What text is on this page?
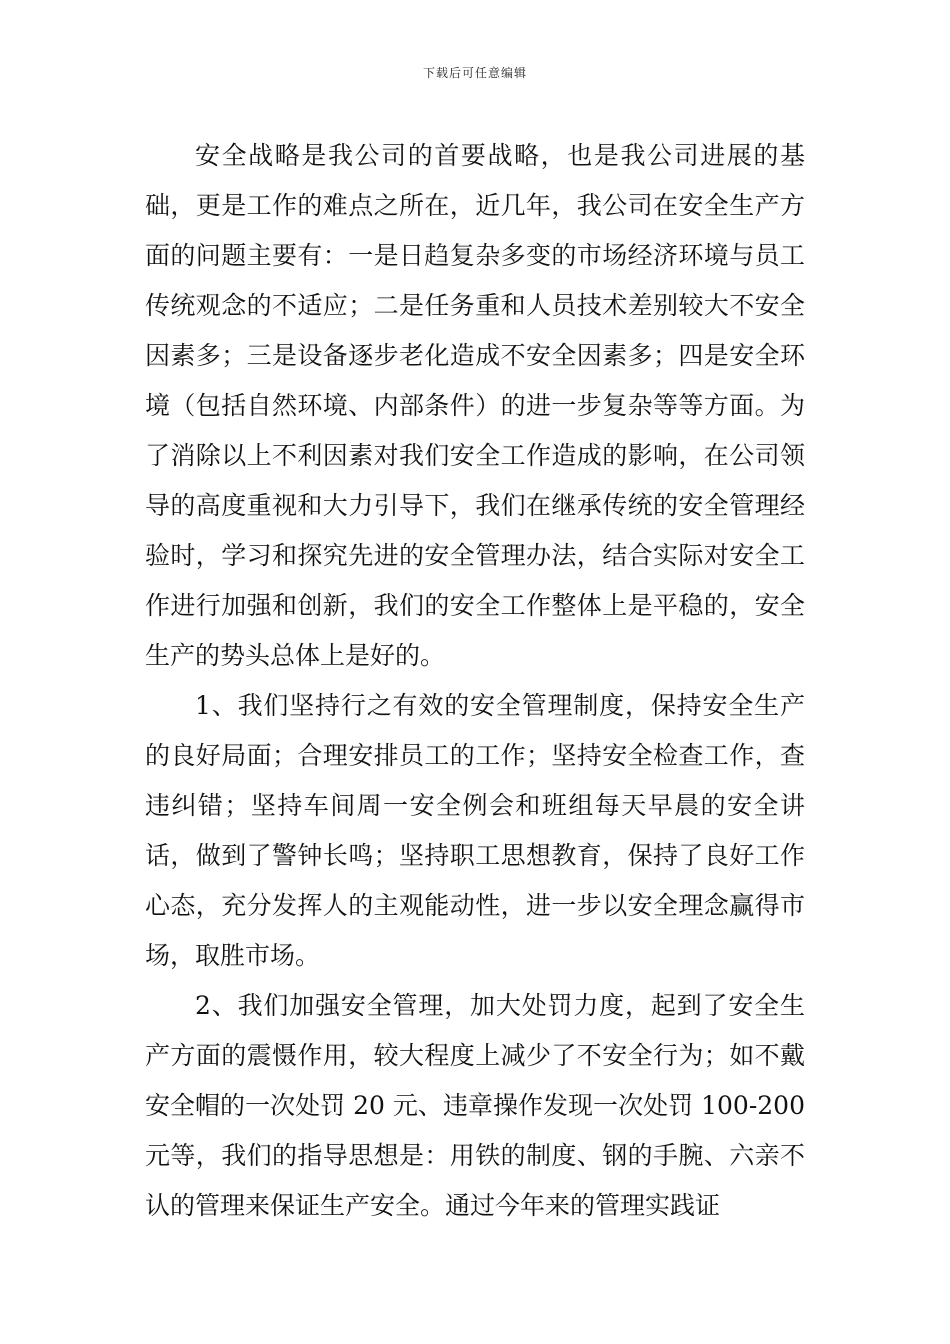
下载后可任意编辑

安全战略是我公司的首要战略，也是我公司进展的基础，更是工作的难点之所在，近几年，我公司在安全生产方面的问题主要有：一是日趋复杂多变的市场经济环境与员工传统观念的不适应；二是任务重和人员技术差别较大不安全因素多；三是设备逐步老化造成不安全因素多；四是安全环境（包括自然环境、内部条件）的进一步复杂等等方面。为了消除以上不利因素对我们安全工作造成的影响，在公司领导的高度重视和大力引导下，我们在继承传统的安全管理经验时，学习和探究先进的安全管理办法，结合实际对安全工作进行加强和创新，我们的安全工作整体上是平稳的，安全生产的势头总体上是好的。

1、我们坚持行之有效的安全管理制度，保持安全生产的良好局面；合理安排员工的工作；坚持安全检查工作，查违纠错；坚持车间周一安全例会和班组每天早晨的安全讲话，做到了警钟长鸣；坚持职工思想教育，保持了良好工作心态，充分发挥人的主观能动性，进一步以安全理念赢得市场，取胜市场。

2、我们加强安全管理，加大处罚力度，起到了安全生产方面的震慑作用，较大程度上减少了不安全行为；如不戴安全帽的一次处罚 20 元、违章操作发现一次处罚 100-200 元等，我们的指导思想是：用铁的制度、钢的手腕、六亲不认的管理来保证生产安全。通过今年来的管理实践证
